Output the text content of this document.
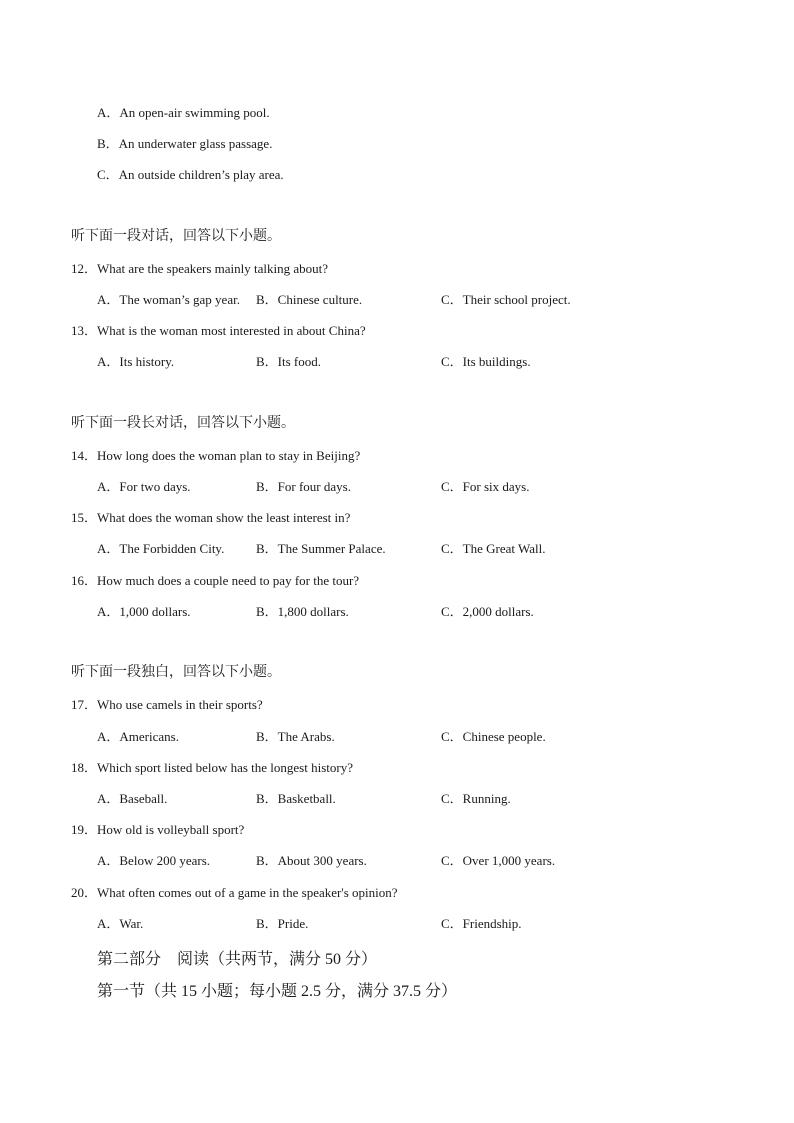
A．An open-air swimming pool.
B．An underwater glass passage.
C．An outside children’s play area.
听下面一段对话，回答以下小题。
12．What are the speakers mainly talking about?
A．The woman’s gap year. B．Chinese culture.	C．Their school project.
13．What is the woman most interested in about China?
A．Its history.	B．Its food.	C．Its buildings.
听下面一段长对话，回答以下小题。
14．How long does the woman plan to stay in Beijing?
A．For two days.	B．For four days.	C．For six days.
15．What does the woman show the least interest in?
A．The Forbidden City. B．The Summer Palace.	C．The Great Wall.
16．How much does a couple need to pay for the tour?
A．1,000 dollars.	B．1,800 dollars.	C．2,000 dollars.
听下面一段独白，回答以下小题。
17．Who use camels in their sports?
A．Americans.	B．The Arabs.	C．Chinese people.
18．Which sport listed below has the longest history?
A．Baseball.	B．Basketball.	C．Running.
19．How old is volleyball sport?
A．Below 200 years.	B．About 300 years.	C．Over 1,000 years.
20．What often comes out of a game in the speaker's opinion?
A．War.	B．Pride.	C．Friendship.
第二部分　阅读（共两节，满分 50 分）
第一节（共 15 小题；每小题 2.5 分，满分 37.5 分）
